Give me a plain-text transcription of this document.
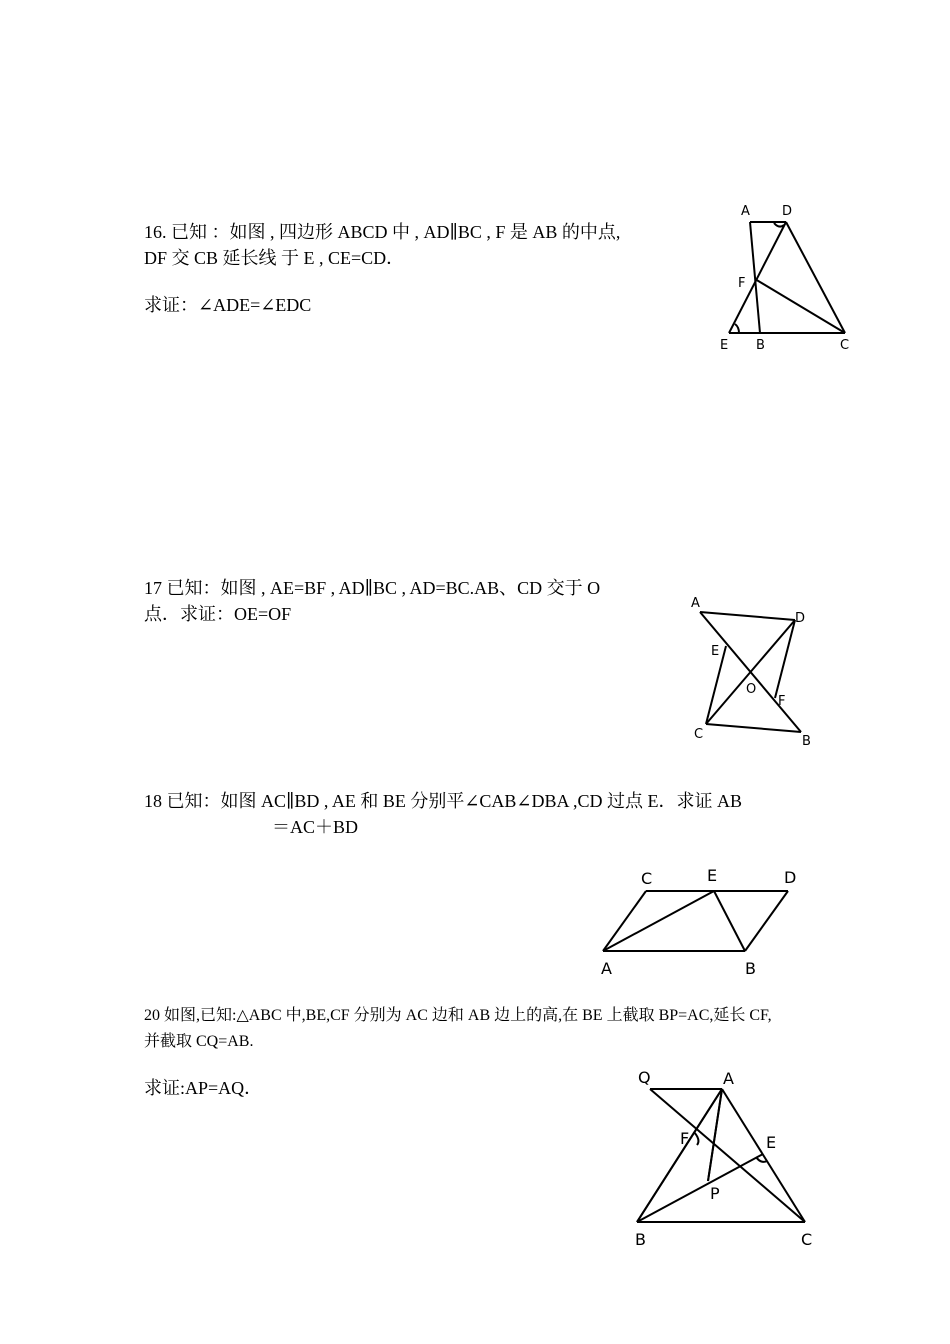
16. 已知 ：如图 , 四边形 ABCD 中 , AD∥BC , F 是 AB 的中点,
DF 交 CB 延长线 于 E , CE=CD．
求证：∠ADE=∠EDC
A D
F
E B	C
17 已知：如图 , AE=BF , AD∥BC , AD=BC.AB、CD 交于 O
点．求证：OE=OF
A
D
E
O
F
C	B
18 已知：如图 AC∥BD , AE 和 BE 分别平∠CAB∠DBA ,CD 过点 E．求证 AB
＝AC＋BD
C	E	D
A	B
20 如图,已知:△ABC 中,BE,CF 分别为 AC 边和 AB 边上的高,在 BE 上截取 BP=AC,延长 CF,
并截取 CQ=AB.
求证:AP=AQ．
Q	A
F	E
P
B	C
